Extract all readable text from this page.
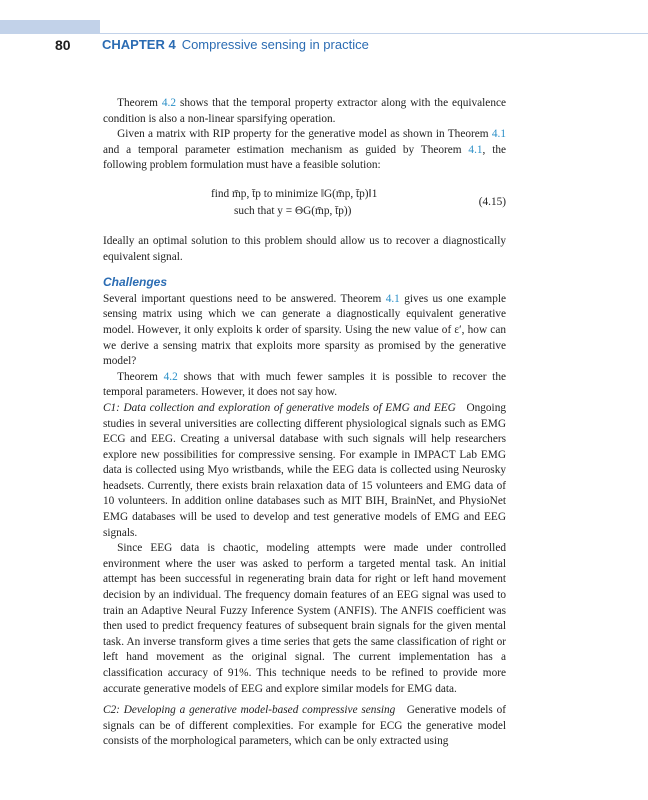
80 CHAPTER 4 Compressive sensing in practice

Theorem 4.2 shows that the temporal property extractor along with the equivalence condition is also a non-linear sparsifying operation.

Given a matrix with RIP property for the generative model as shown in Theorem 4.1 and a temporal parameter estimation mechanism as guided by Theorem 4.1, the following problem formulation must have a feasible solution:

find m̄p, t̄p to minimize ‖G(m̄p, t̄p)‖1
such that y = ΘG(m̄p, t̄p))
(4.15)

Ideally an optimal solution to this problem should allow us to recover a diagnostically equivalent signal.

Challenges

Several important questions need to be answered. Theorem 4.1 gives us one example sensing matrix using which we can generate a diagnostically equivalent generative model. However, it only exploits k order of sparsity. Using the new value of ε′, how can we derive a sensing matrix that exploits more sparsity as promised by the generative model?

Theorem 4.2 shows that with much fewer samples it is possible to recover the temporal parameters. However, it does not say how.

C1: Data collection and exploration of generative models of EMG and EEG Ongoing studies in several universities are collecting different physiological signals such as EMG ECG and EEG. Creating a universal database with such signals will help researchers explore new possibilities for compressive sensing. For example in IMPACT Lab EMG data is collected using Myo wristbands, while the EEG data is collected using Neurosky headsets. Currently, there exists brain relaxation data of 15 volunteers and EMG data of 10 volunteers. In addition online databases such as MIT BIH, BrainNet, and PhysioNet EMG databases will be used to develop and test generative models of EMG and EEG signals.

Since EEG data is chaotic, modeling attempts were made under controlled environment where the user was asked to perform a targeted mental task. An initial attempt has been successful in regenerating brain data for right or left hand movement decision by an individual. The frequency domain features of an EEG signal was used to train an Adaptive Neural Fuzzy Inference System (ANFIS). The ANFIS coefficient was then used to predict frequency features of subsequent brain signals for the given mental task. An inverse transform gives a time series that gets the same classification of right or left hand movement as the original signal. The current implementation has a classification accuracy of 91%. This technique needs to be refined to provide more accurate generative models of EEG and explore similar models for EMG data.

C2: Developing a generative model-based compressive sensing Generative models of signals can be of different complexities. For example for ECG the generative model consists of the morphological parameters, which can be only extracted using
